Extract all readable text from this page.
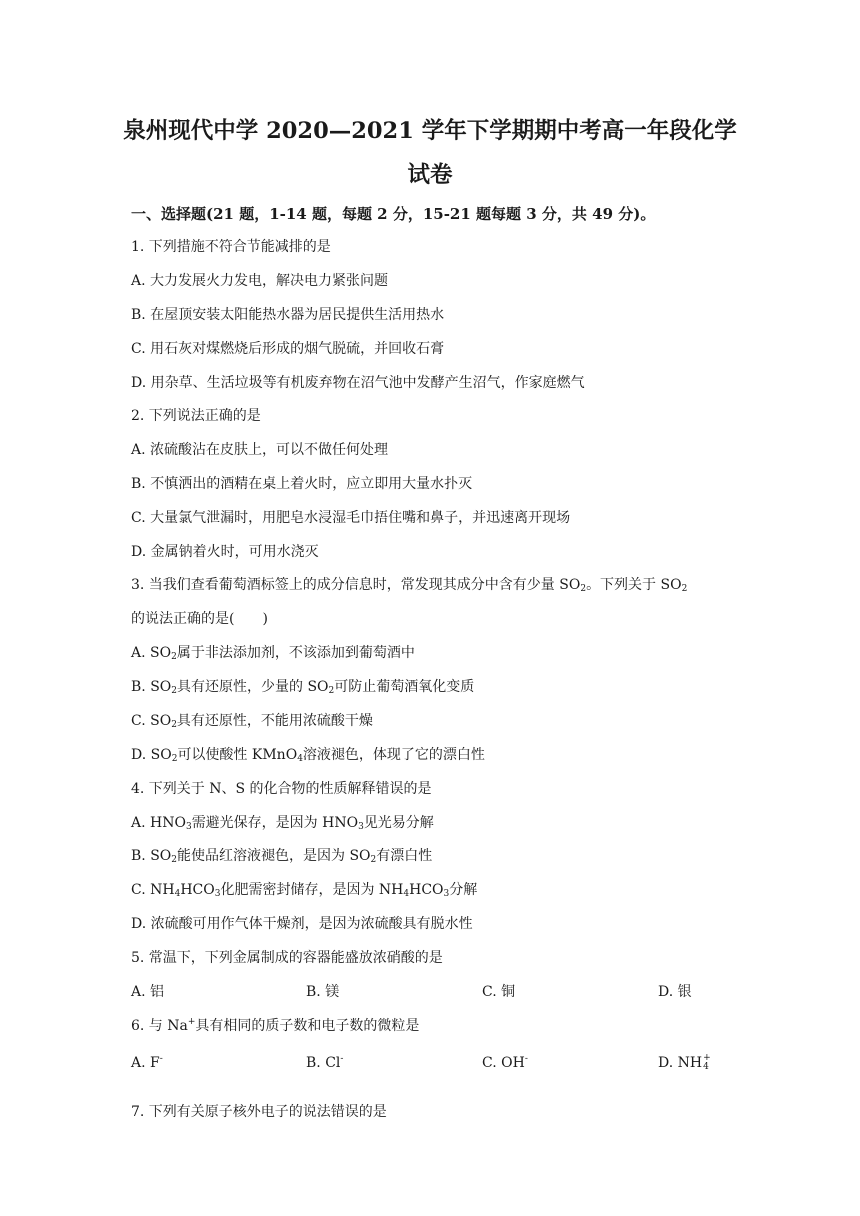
泉州现代中学 2020—2021 学年下学期期中考高一年段化学
试卷
一、选择题(21 题，1-14 题，每题 2 分，15-21 题每题 3 分，共 49 分)。
1. 下列措施不符合节能减排的是
A. 大力发展火力发电，解决电力紧张问题
B. 在屋顶安装太阳能热水器为居民提供生活用热水
C. 用石灰对煤燃烧后形成的烟气脱硫，并回收石膏
D. 用杂草、生活垃圾等有机废弃物在沼气池中发酵产生沼气，作家庭燃气
2. 下列说法正确的是
A. 浓硫酸沾在皮肤上，可以不做任何处理
B. 不慎洒出的酒精在桌上着火时，应立即用大量水扑灭
C. 大量氯气泄漏时，用肥皂水浸湿毛巾捂住嘴和鼻子，并迅速离开现场
D. 金属钠着火时，可用水浇灭
3. 当我们查看葡萄酒标签上的成分信息时，常发现其成分中含有少量 $SO_2$。下列关于 $SO_2$
的说法正确的是(　　)
A. $SO_2$属于非法添加剂，不该添加到葡萄酒中
B. $SO_2$具有还原性，少量的 $SO_2$可防止葡萄酒氧化变质
C. $SO_2$具有还原性，不能用浓硫酸干燥
D. $SO_2$可以使酸性 KMnO$_4$溶液褪色，体现了它的漂白性
4. 下列关于 N、S 的化合物的性质解释错误的是
A. $HNO_3$需避光保存，是因为 $HNO_3$见光易分解
B. $SO_2$能使品红溶液褪色，是因为 $SO_2$有漂白性
C. $NH_4HCO_3$化肥需密封储存，是因为 $NH_4HCO_3$分解
D. 浓硫酸可用作气体干燥剂，是因为浓硫酸具有脱水性
5. 常温下，下列金属制成的容器能盛放浓硝酸的是
A. 铝	B. 镁	C. 铜	D. 银
6. 与 Na+具有相同的质子数和电子数的微粒是
A. F-	B. Cl-	C. OH-	D. NH +
4
7. 下列有关原子核外电子的说法错误的是
